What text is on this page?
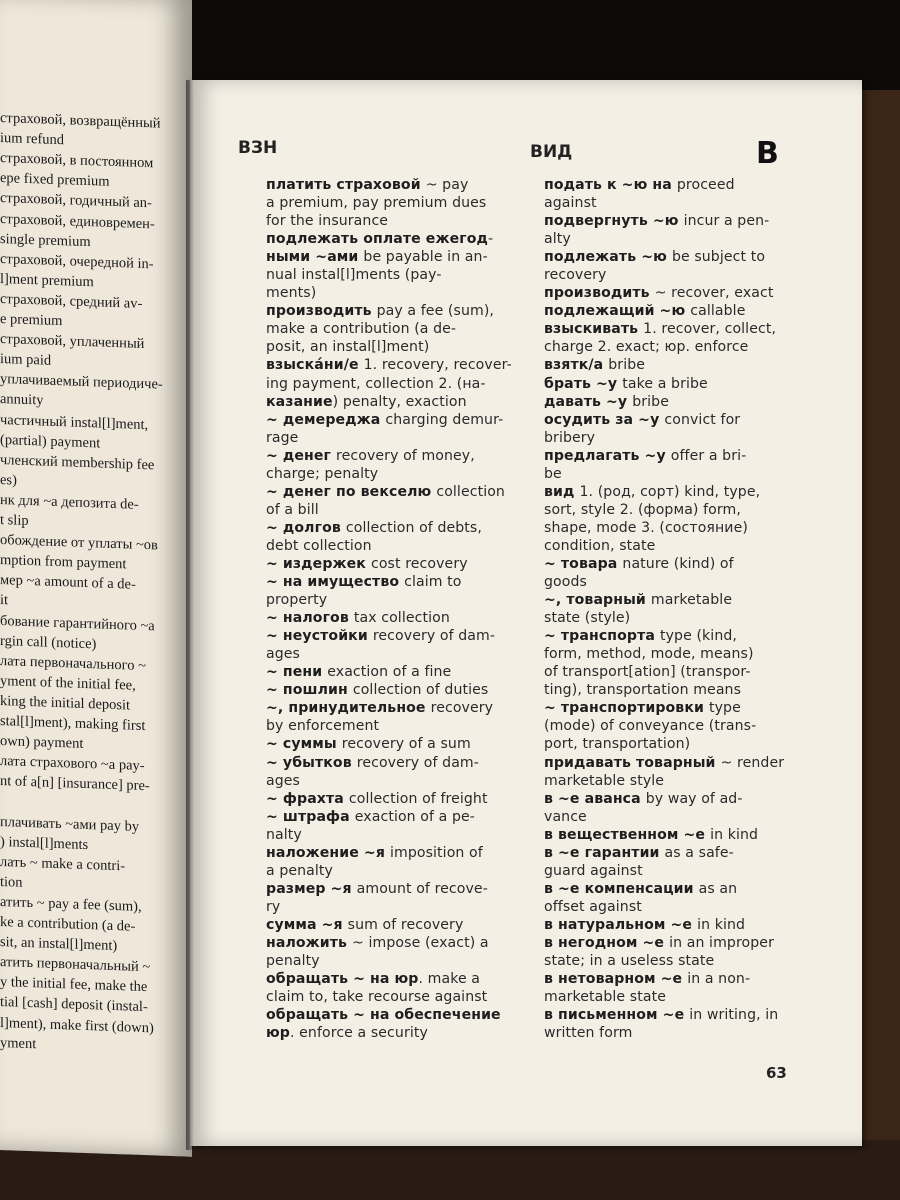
страховой, возвращённый
ium refund
страховой, в постоянном
ере fixed premium
страховой, годичный an-
страховой, единовремен-
single premium
страховой, очередной in-
l]ment premium
страховой, средний av-
e premium
страховой, уплаченный
ium paid
уплачиваемый периодиче-
annuity
частичный instal[l]ment,
(partial) payment
членский membership fee
es)
нк для ~а депозита de-
t slip
обождение от уплаты ~ов
mption from payment
мер ~а amount of a de-
it
бование гарантийного ~а
rgin call (notice)
лата первоначального ~
yment of the initial fee,
king the initial deposit
stal[l]ment), making first
own) payment
лата страхового ~а pay-
nt of a[n] [insurance] pre-
плачивать ~ами pay by
) instal[l]ments
лать ~ make a contri-
tion
атить ~ pay a fee (sum),
ke a contribution (a de-
sit, an instal[l]ment)
атить первоначальный ~
y the initial fee, make the
tial [cash] deposit (instal-
l]ment), make first (down)
yment
ВЗН	ВИД	В
платить страховой ~ pay
a premium, pay premium dues
for the insurance
подлежать оплате ежегод-
ными ~ами be payable in an-
nual instal[l]ments (pay-
ments)
производить pay a fee (sum),
make a contribution (a de-
posit, an instal[l]ment)
взыскáни/е 1. recovery, recover-
ing payment, collection 2. (на-
казание) penalty, exaction
~ демереджа charging demur-
rage
~ денег recovery of money,
charge; penalty
~ денег по векселю collection
of a bill
~ долгов collection of debts,
debt collection
~ издержек cost recovery
~ на имущество claim to
property
~ налогов tax collection
~ неустойки recovery of dam-
ages
~ пени exaction of a fine
~ пошлин collection of duties
~, принудительное recovery
by enforcement
~ суммы recovery of a sum
~ убытков recovery of dam-
ages
~ фрахта collection of freight
~ штрафа exaction of a pe-
nalty
наложение ~я imposition of
a penalty
размер ~я amount of recove-
ry
сумма ~я sum of recovery
наложить ~ impose (exact) a
penalty
обращать ~ на юр. make a
claim to, take recourse against
обращать ~ на обеспечение
юр. enforce a security
подать к ~ю на proceed
against
подвергнуть ~ю incur a pen-
alty
подлежать ~ю be subject to
recovery
производить ~ recover, exact
подлежащий ~ю callable
взыскивать 1. recover, collect,
charge 2. exact; юр. enforce
взятк/а bribe
брать ~у take a bribe
давать ~у bribe
осудить за ~у convict for
bribery
предлагать ~у offer a bri-
be
вид 1. (род, сорт) kind, type,
sort, style 2. (форма) form,
shape, mode 3. (состояние)
condition, state
~ товара nature (kind) of
goods
~, товарный marketable
state (style)
~ транспорта type (kind,
form, method, mode, means)
of transport[ation] (transpor-
ting), transportation means
~ транспортировки type
(mode) of conveyance (trans-
port, transportation)
придавать товарный ~ render
marketable style
в ~е аванса by way of ad-
vance
в вещественном ~е in kind
в ~е гарантии as a safe-
guard against
в ~е компенсации as an
offset against
в натуральном ~е in kind
в негодном ~е in an improper
state; in a useless state
в нетоварном ~е in a non-
marketable state
в письменном ~е in writing, in
written form
63
